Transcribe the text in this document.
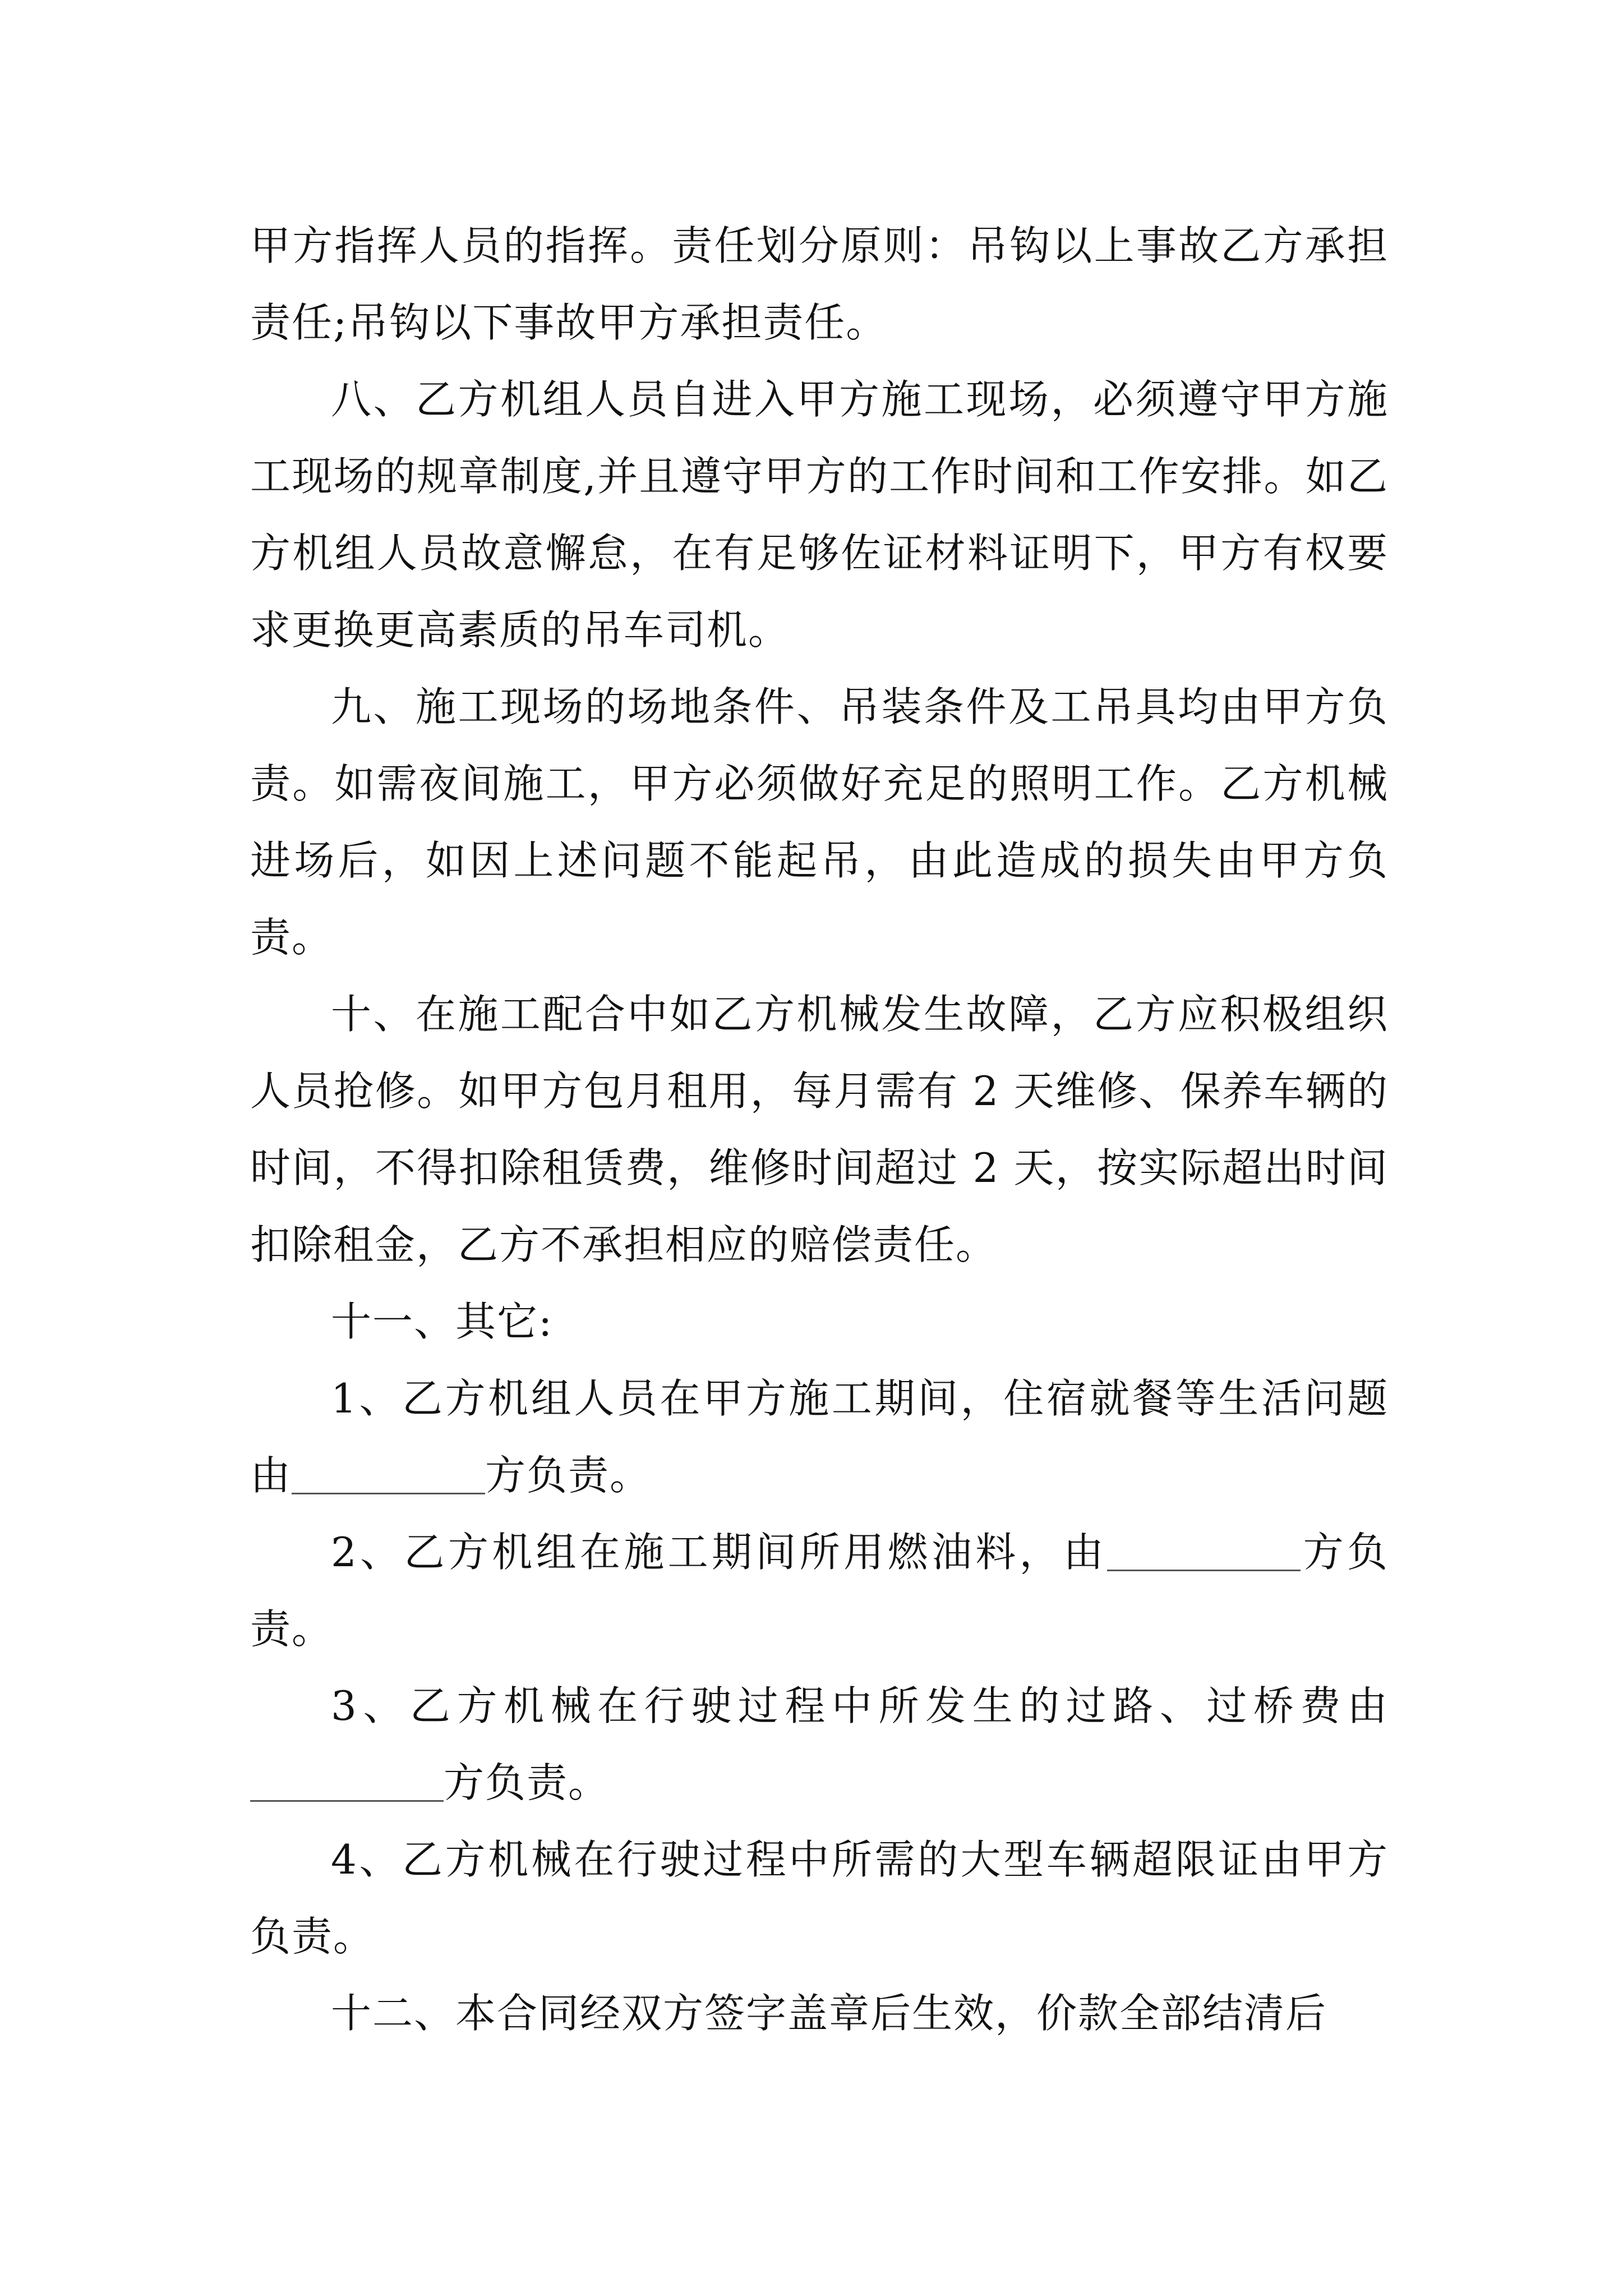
甲方指挥人员的指挥。责任划分原则：吊钩以上事故乙方承担责任;吊钩以下事故甲方承担责任。

八、乙方机组人员自进入甲方施工现场，必须遵守甲方施工现场的规章制度,并且遵守甲方的工作时间和工作安排。如乙方机组人员故意懈怠，在有足够佐证材料证明下，甲方有权要求更换更高素质的吊车司机。

九、施工现场的场地条件、吊装条件及工吊具均由甲方负责。如需夜间施工，甲方必须做好充足的照明工作。乙方机械进场后，如因上述问题不能起吊，由此造成的损失由甲方负责。

十、在施工配合中如乙方机械发生故障，乙方应积极组织人员抢修。如甲方包月租用，每月需有 2 天维修、保养车辆的时间，不得扣除租赁费，维修时间超过 2 天，按实际超出时间扣除租金，乙方不承担相应的赔偿责任。

十一、其它:

1、乙方机组人员在甲方施工期间，住宿就餐等生活问题由	方负责。

2、乙方机组在施工期间所用燃油料，由	方负责。

3、乙方机械在行驶过程中所发生的过路、过桥费由方负责。

4、乙方机械在行驶过程中所需的大型车辆超限证由甲方负责。

十二、本合同经双方签字盖章后生效，价款全部结清后
